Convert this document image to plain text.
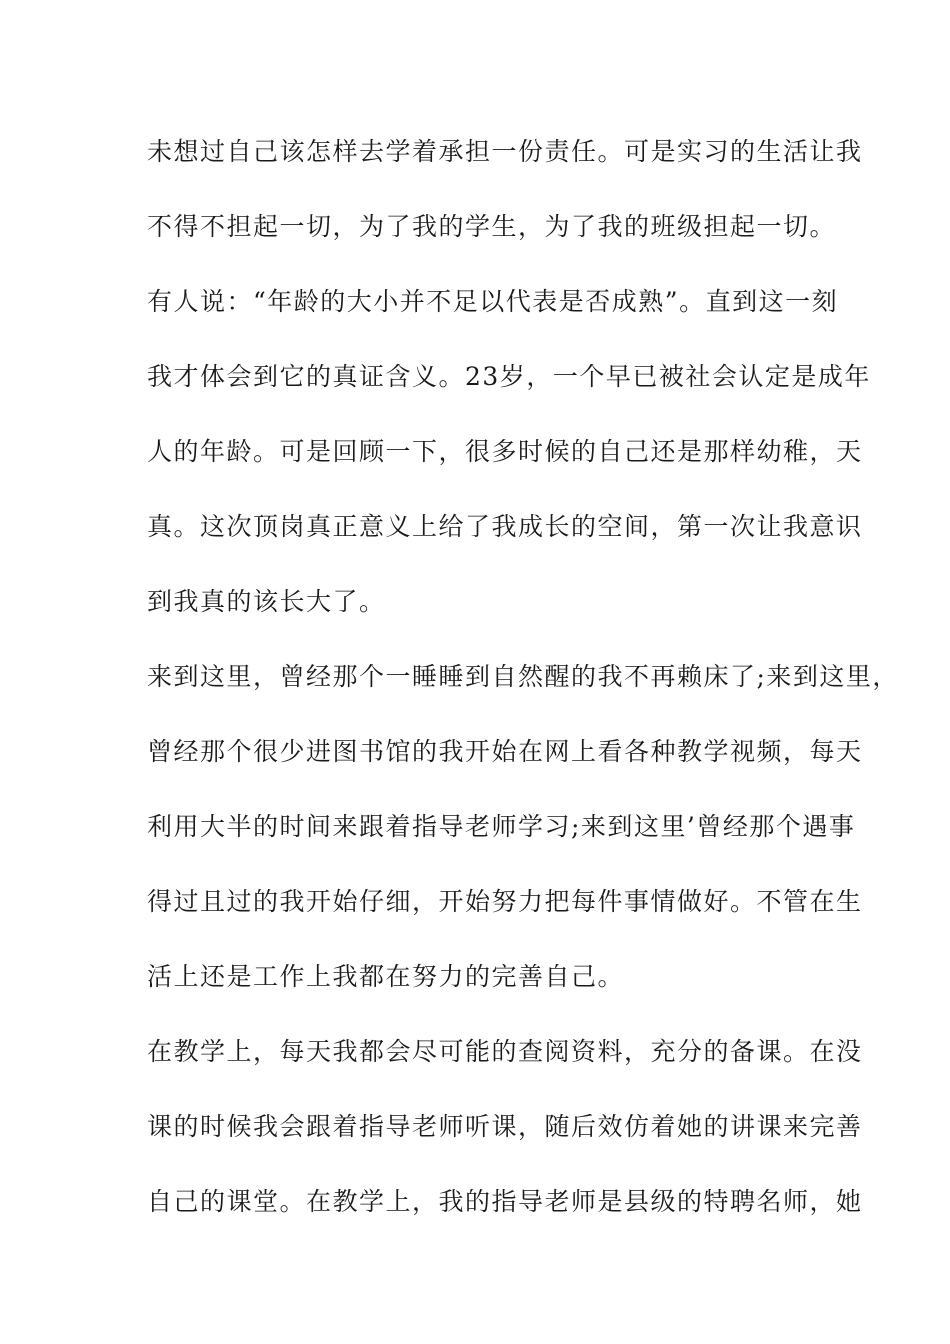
未想过自己该怎样去学着承担一份责任。可是实习的生活让我
不得不担起一切，为了我的学生，为了我的班级担起一切。
有人说：“年龄的大小并不足以代表是否成熟”。直到这一刻
我才体会到它的真证含义。23岁，一个早已被社会认定是成年
人的年龄。可是回顾一下，很多时候的自己还是那样幼稚，天
真。这次顶岗真正意义上给了我成长的空间，第一次让我意识
到我真的该长大了。
来到这里，曾经那个一睡睡到自然醒的我不再赖床了;来到这里，
曾经那个很少进图书馆的我开始在网上看各种教学视频，每天
利用大半的时间来跟着指导老师学习;来到这里’曾经那个遇事
得过且过的我开始仔细，开始努力把每件事情做好。不管在生
活上还是工作上我都在努力的完善自己。
在教学上，每天我都会尽可能的查阅资料，充分的备课。在没
课的时候我会跟着指导老师听课，随后效仿着她的讲课来完善
自己的课堂。在教学上，我的指导老师是县级的特聘名师，她
